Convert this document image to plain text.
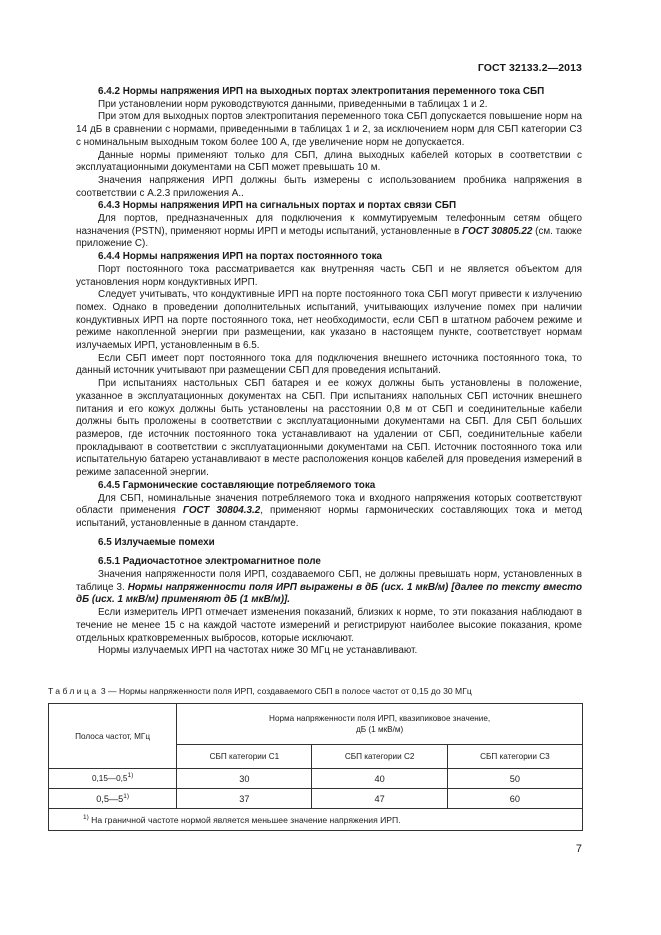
ГОСТ 32133.2—2013

6.4.2 Нормы напряжения ИРП на выходных портах электропитания переменного тока СБП

При установлении норм руководствуются данными, приведенными в таблицах 1 и 2.

При этом для выходных портов электропитания переменного тока СБП допускается повышение норм на 14 дБ в сравнении с нормами, приведенными в таблицах 1 и 2, за исключением норм для СБП категории С3 с номинальным выходным током более 100 А, где увеличение норм не допускается.

Данные нормы применяют только для СБП, длина выходных кабелей которых в соответствии с эксплуатационными документами на СБП может превышать 10 м.

Значения напряжения ИРП должны быть измерены с использованием пробника напряжения в соответствии с А.2.3 приложения А..

6.4.3 Нормы напряжения ИРП на сигнальных портах и портах связи СБП

Для портов, предназначенных для подключения к коммутируемым телефонным сетям общего назначения (PSTN), применяют нормы ИРП и методы испытаний, установленные в ГОСТ 30805.22 (см. также приложение С).

6.4.4 Нормы напряжения ИРП на портах постоянного тока

Порт постоянного тока рассматривается как внутренняя часть СБП и не является объектом для установления норм кондуктивных ИРП.

Следует учитывать, что кондуктивные ИРП на порте постоянного тока СБП могут привести к излучению помех. Однако в проведении дополнительных испытаний, учитывающих излучение помех при наличии кондуктивных ИРП на порте постоянного тока, нет необходимости, если СБП в штатном рабочем режиме и режиме накопленной энергии при размещении, как указано в настоящем пункте, соответствует нормам излучаемых ИРП, установленным в 6.5.

Если СБП имеет порт постоянного тока для подключения внешнего источника постоянного тока, то данный источник учитывают при размещении СБП для проведения испытаний.

При испытаниях настольных СБП батарея и ее кожух должны быть установлены в положение, указанное в эксплуатационных документах на СБП. При испытаниях напольных СБП источник внешнего питания и его кожух должны быть установлены на расстоянии 0,8 м от СБП и соединительные кабели должны быть проложены в соответствии с эксплуатационными документами на СБП. Для СБП больших размеров, где источник постоянного тока устанавливают на удалении от СБП, соединительные кабели прокладывают в соответствии с эксплуатационными документами на СБП. Источник постоянного тока или испытательную батарею устанавливают в месте расположения концов кабелей для проведения измерений в режиме запасенной энергии.

6.4.5 Гармонические составляющие потребляемого тока

Для СБП, номинальные значения потребляемого тока и входного напряжения которых соответствуют области применения ГОСТ 30804.3.2, применяют нормы гармонических составляющих тока и метод испытаний, установленные в данном стандарте.

6.5 Излучаемые помехи

6.5.1 Радиочастотное электромагнитное поле

Значения напряженности поля ИРП, создаваемого СБП, не должны превышать норм, установленных в таблице 3. Нормы напряженности поля ИРП выражены в дБ (исх. 1 мкВ/м) [далее по тексту вместо дБ (исх. 1 мкВ/м) применяют дБ (1 мкВ/м)].

Если измеритель ИРП отмечает изменения показаний, близких к норме, то эти показания наблюдают в течение не менее 15 с на каждой частоте измерений и регистрируют наиболее высокие показания, кроме отдельных кратковременных выбросов, которые исключают.

Нормы излучаемых ИРП на частотах ниже 30 МГц не устанавливают.

Таблица 3 — Нормы напряженности поля ИРП, создаваемого СБП в полосе частот от 0,15 до 30 МГц
Полоса частот, МГц	Норма напряженности поля ИРП, квазипиковое значение,
дБ (1 мкВ/м)		

	СБП категории С1	СБП категории С2	СБП категории С3
0,15—0,5$^{1)}$	30	40	50
0,5—5$^{1)}$	37	47	60
$^{1)}$ На граничной частоте нормой является меньшее значение напряжения ИРП.			
7
